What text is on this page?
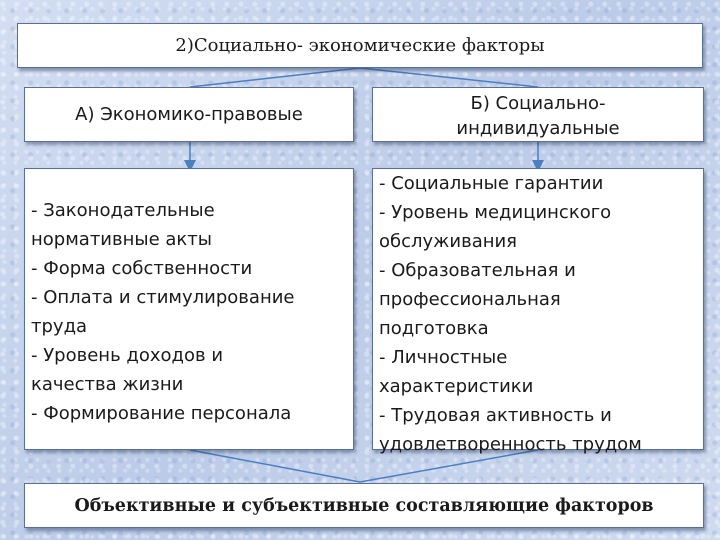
2)Социально- экономические факторы
А) Экономико-правовые
Б) Социально-
индивидуальные
- Законодательные
нормативные акты
- Форма собственности
- Оплата и стимулирование
труда
- Уровень доходов и
качества жизни
- Формирование персонала
- Социальные гарантии
- Уровень медицинского
обслуживания
- Образовательная и
профессиональная
подготовка
- Личностные
характеристики
- Трудовая активность и
удовлетворенность трудом
Объективные и субъективные составляющие факторов
